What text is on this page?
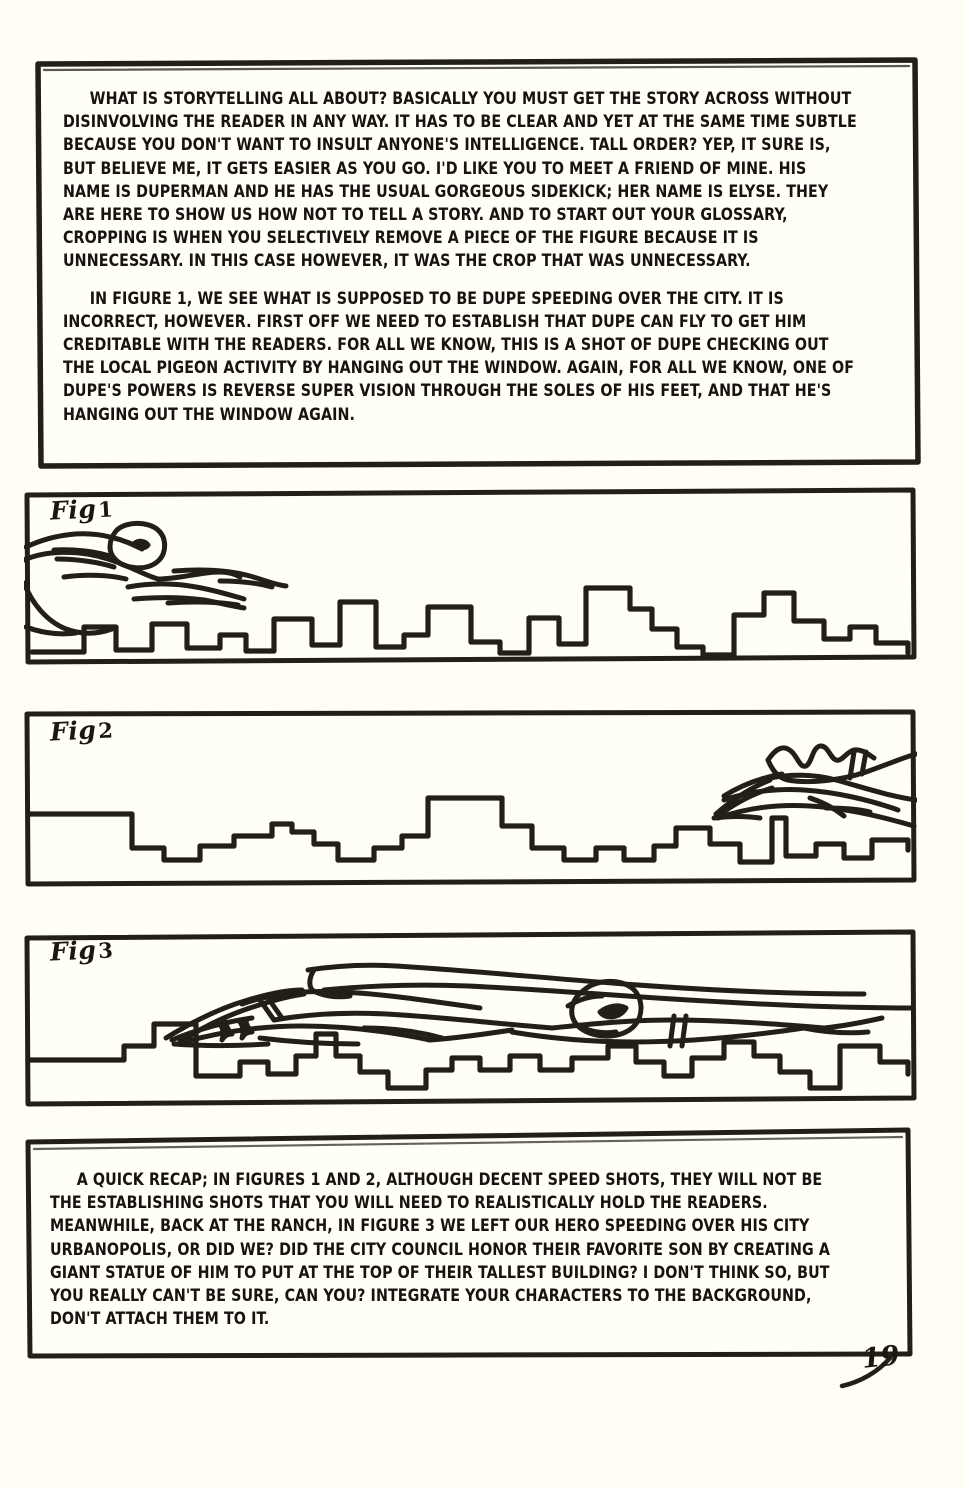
WHAT IS STORYTELLING ALL ABOUT? BASICALLY YOU MUST GET THE STORY ACROSS WITHOUT DISINVOLVING THE READER IN ANY WAY. IT HAS TO BE CLEAR AND YET AT THE SAME TIME SUBTLE BECAUSE YOU DON'T WANT TO INSULT ANYONE'S INTELLIGENCE. TALL ORDER? YEP, IT SURE IS, BUT BELIEVE ME, IT GETS EASIER AS YOU GO. I'D LIKE YOU TO MEET A FRIEND OF MINE. HIS NAME IS DUPERMAN AND HE HAS THE USUAL GORGEOUS SIDEKICK; HER NAME IS ELYSE. THEY ARE HERE TO SHOW US HOW NOT TO TELL A STORY. AND TO START OUT YOUR GLOSSARY, CROPPING IS WHEN YOU SELECTIVELY REMOVE A PIECE OF THE FIGURE BECAUSE IT IS UNNECESSARY. IN THIS CASE HOWEVER, IT WAS THE CROP THAT WAS UNNECESSARY.

IN FIGURE 1, WE SEE WHAT IS SUPPOSED TO BE DUPE SPEEDING OVER THE CITY. IT IS INCORRECT, HOWEVER. FIRST OFF WE NEED TO ESTABLISH THAT DUPE CAN FLY TO GET HIM CREDITABLE WITH THE READERS. FOR ALL WE KNOW, THIS IS A SHOT OF DUPE CHECKING OUT THE LOCAL PIGEON ACTIVITY BY HANGING OUT THE WINDOW. AGAIN, FOR ALL WE KNOW, ONE OF DUPE'S POWERS IS REVERSE SUPER VISION THROUGH THE SOLES OF HIS FEET, AND THAT HE'S HANGING OUT THE WINDOW AGAIN.

Fig1
Fig2
Fig3

A QUICK RECAP; IN FIGURES 1 AND 2, ALTHOUGH DECENT SPEED SHOTS, THEY WILL NOT BE THE ESTABLISHING SHOTS THAT YOU WILL NEED TO REALISTICALLY HOLD THE READERS. MEANWHILE, BACK AT THE RANCH, IN FIGURE 3 WE LEFT OUR HERO SPEEDING OVER HIS CITY URBANOPOLIS, OR DID WE? DID THE CITY COUNCIL HONOR THEIR FAVORITE SON BY CREATING A GIANT STATUE OF HIM TO PUT AT THE TOP OF THEIR TALLEST BUILDING? I DON'T THINK SO, BUT YOU REALLY CAN'T BE SURE, CAN YOU? INTEGRATE YOUR CHARACTERS TO THE BACKGROUND, DON'T ATTACH THEM TO IT.

19
